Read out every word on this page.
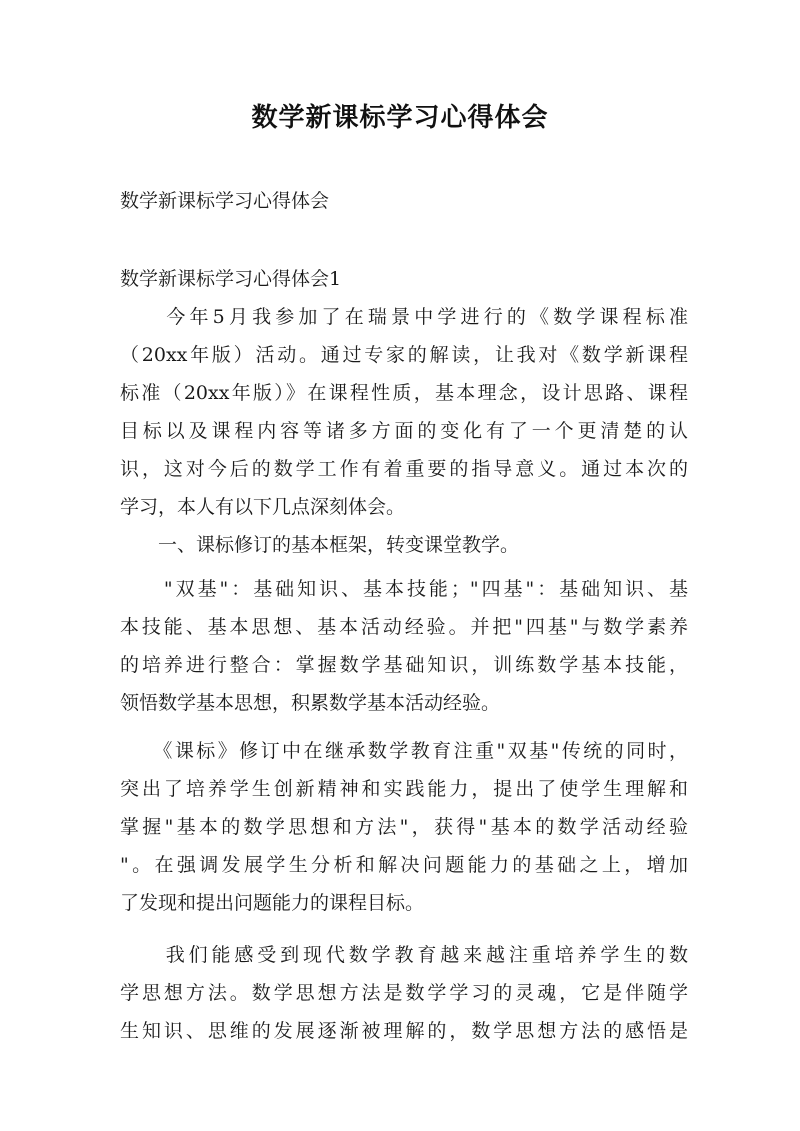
数学新课标学习心得体会
数学新课标学习心得体会
数学新课标学习心得体会1
　　今年5月我参加了在瑞景中学进行的《数学课程标准
（20xx年版）活动。通过专家的解读，让我对《数学新课程
标准（20xx年版）》在课程性质，基本理念，设计思路、课程
目标以及课程内容等诸多方面的变化有了一个更清楚的认
识，这对今后的数学工作有着重要的指导意义。通过本次的
学习，本人有以下几点深刻体会。
　　一、课标修订的基本框架，转变课堂教学。
　　"双基"：基础知识、基本技能；"四基"：基础知识、基
本技能、基本思想、基本活动经验。并把"四基"与数学素养
的培养进行整合：掌握数学基础知识，训练数学基本技能，
领悟数学基本思想，积累数学基本活动经验。
　　《课标》修订中在继承数学教育注重"双基"传统的同时，
突出了培养学生创新精神和实践能力，提出了使学生理解和
掌握"基本的数学思想和方法"，获得"基本的数学活动经验
"。在强调发展学生分析和解决问题能力的基础之上，增加
了发现和提出问题能力的课程目标。
　　我们能感受到现代数学教育越来越注重培养学生的数
学思想方法。数学思想方法是数学学习的灵魂，它是伴随学
生知识、思维的发展逐渐被理解的，数学思想方法的感悟是
